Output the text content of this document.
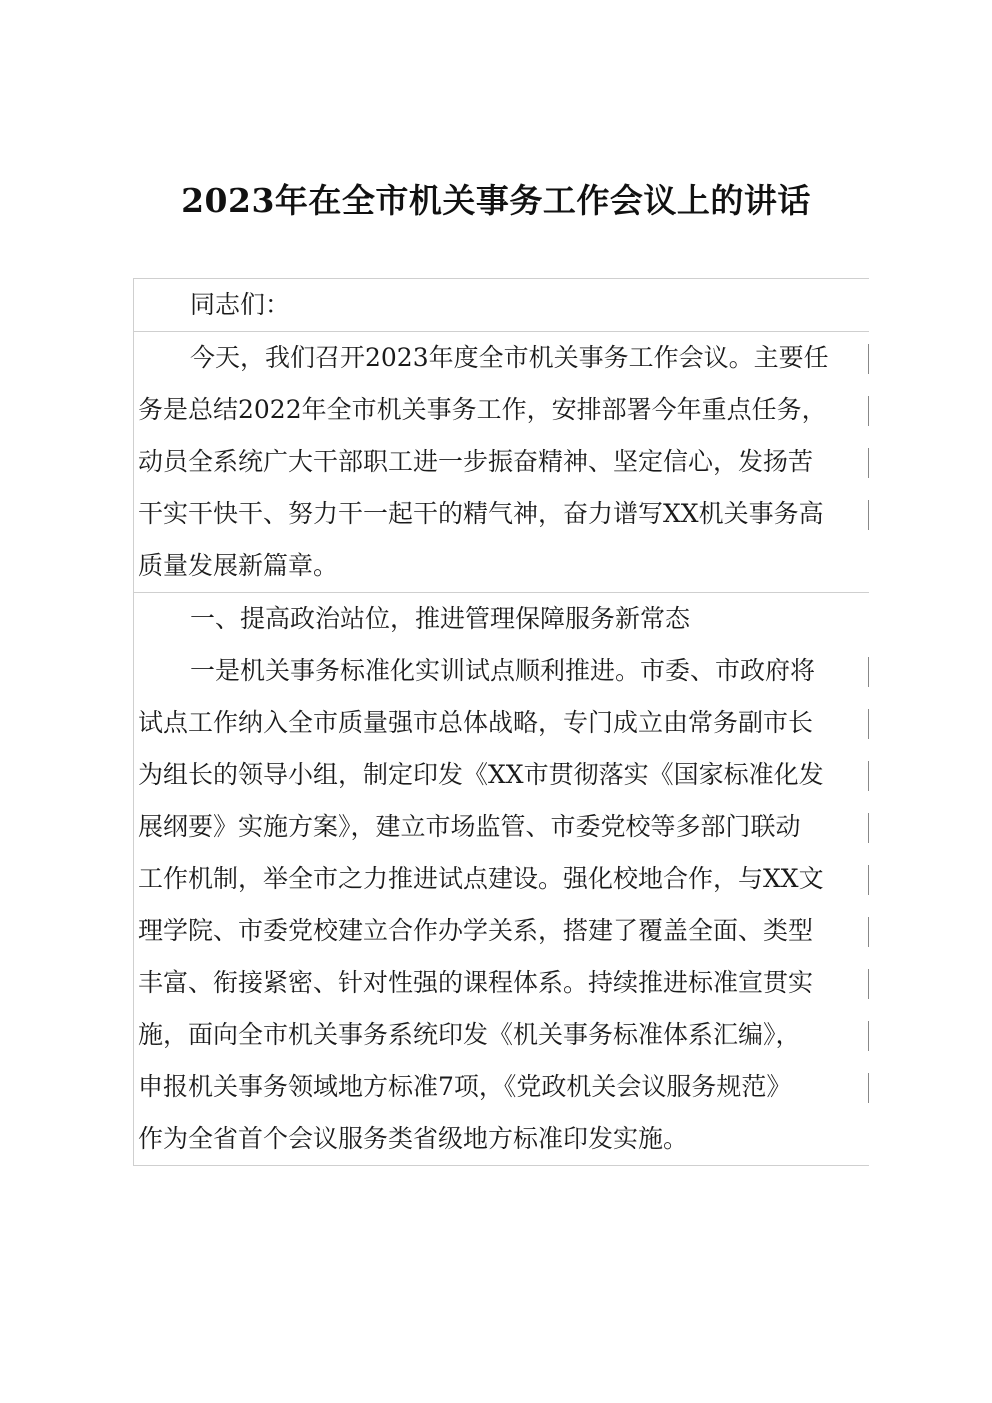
2023年在全市机关事务工作会议上的讲话
同志们：
今天，我们召开2023年度全市机关事务工作会议。主要任
务是总结2022年全市机关事务工作，安排部署今年重点任务，
动员全系统广大干部职工进一步振奋精神、坚定信心，发扬苦
干实干快干、努力干一起干的精气神，奋力谱写XX机关事务高
质量发展新篇章。
一、提高政治站位，推进管理保障服务新常态
一是机关事务标准化实训试点顺利推进。市委、市政府将
试点工作纳入全市质量强市总体战略，专门成立由常务副市长
为组长的领导小组，制定印发《XX市贯彻落实《国家标准化发
展纲要》实施方案》，建立市场监管、市委党校等多部门联动
工作机制，举全市之力推进试点建设。强化校地合作，与XX文
理学院、市委党校建立合作办学关系，搭建了覆盖全面、类型
丰富、衔接紧密、针对性强的课程体系。持续推进标准宣贯实
施，面向全市机关事务系统印发《机关事务标准体系汇编》，
申报机关事务领域地方标准7项，《党政机关会议服务规范》
作为全省首个会议服务类省级地方标准印发实施。
